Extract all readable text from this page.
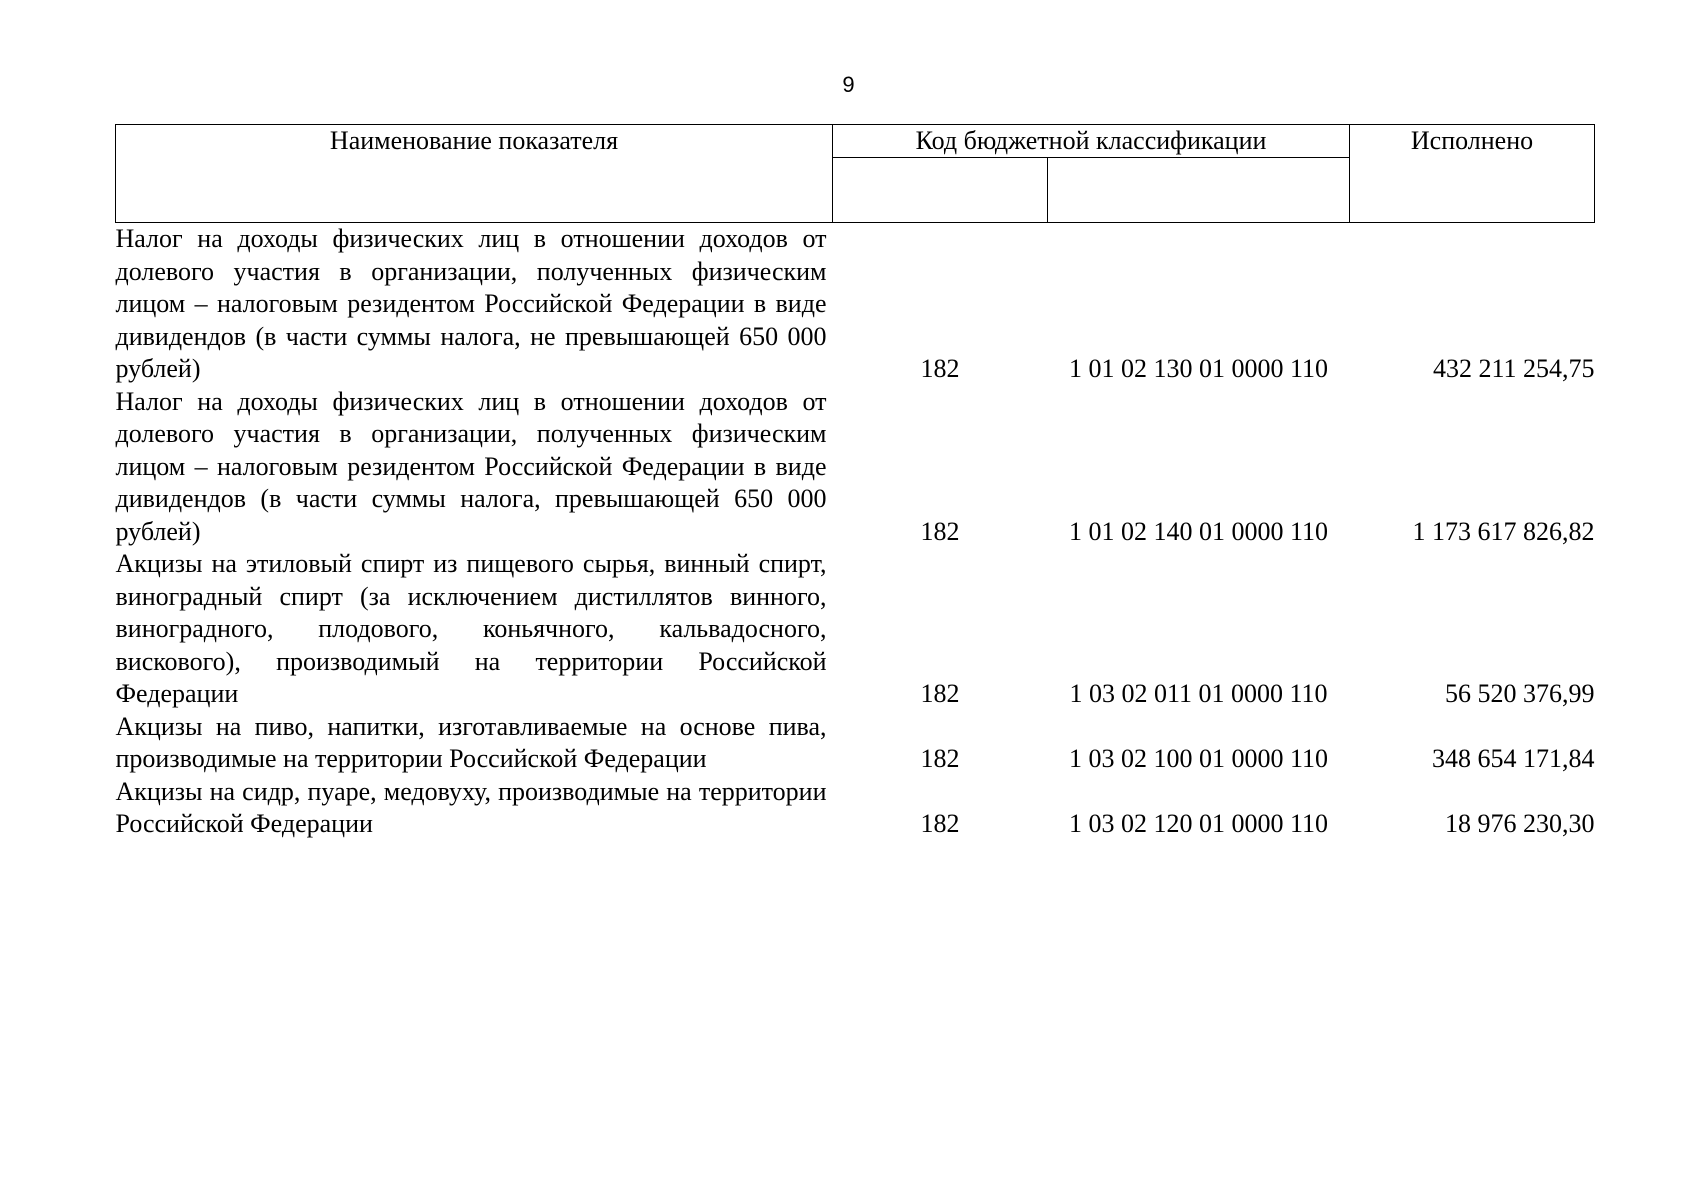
9
Наименование показателя	Код бюджетной классификации		Исполнено

Налог на доходы физических лиц в отношении доходов от долевого участия в организации, полученных физическим лицом – налоговым резидентом Российской Федерации в виде дивидендов (в части суммы налога, не превышающей 650 000 рублей)	182	1 01 02 130 01 0000 110	432 211 254,75
Налог на доходы физических лиц в отношении доходов от долевого участия в организации, полученных физическим лицом – налоговым резидентом Российской Федерации в виде дивидендов (в части суммы налога, превышающей 650 000 рублей)	182	1 01 02 140 01 0000 110	1 173 617 826,82
Акцизы на этиловый спирт из пищевого сырья, винный спирт, виноградный спирт (за исключением дистиллятов винного, виноградного, плодового, коньячного, кальвадосного, вискового), производимый на территории Российской Федерации	182	1 03 02 011 01 0000 110	56 520 376,99
Акцизы на пиво, напитки, изготавливаемые на основе пива, производимые на территории Российской Федерации	182	1 03 02 100 01 0000 110	348 654 171,84
Акцизы на сидр, пуаре, медовуху, производимые на территории Российской Федерации	182	1 03 02 120 01 0000 110	18 976 230,30
